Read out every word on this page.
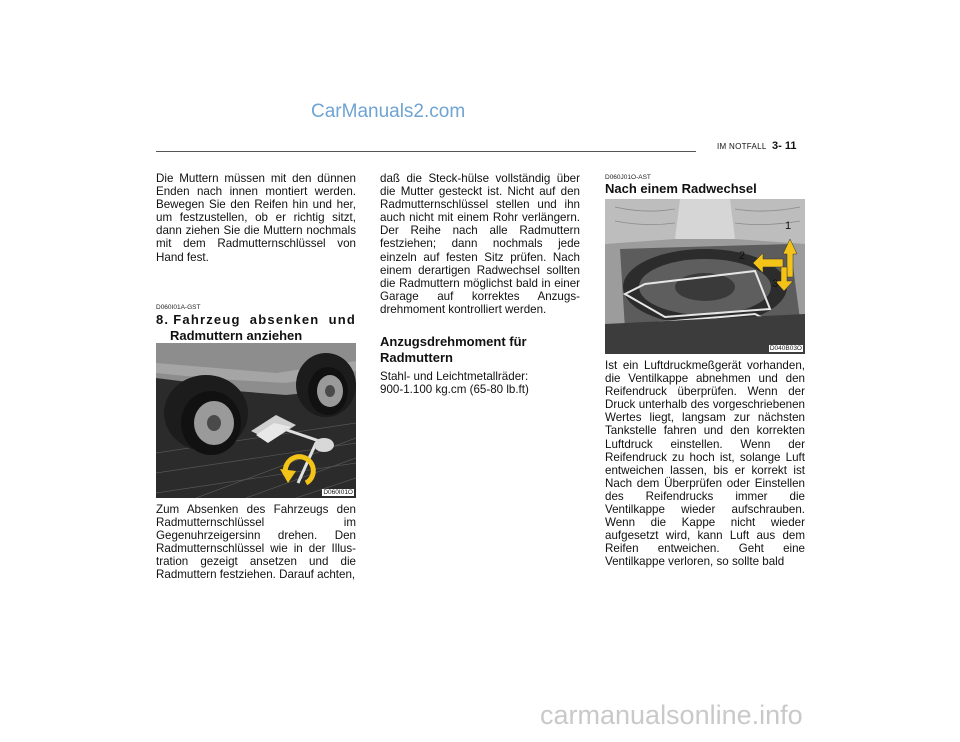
CarManuals2.com
IM NOTFALL 3- 11
Die Muttern müssen mit den dünnen Enden nach innen montiert werden. Bewegen Sie den Reifen hin und her, um festzustellen, ob er richtig sitzt, dann ziehen Sie die Muttern nochmals mit dem Radmutternschlüssel von Hand fest.
D060I01A-GST
8. Fahrzeug absenken und
Radmuttern anziehen
D060I01O
Zum Absenken des Fahrzeugs den Radmutternschlüssel im Gegenuhrzeigersinn drehen. Den Radmutternschlüssel wie in der Illus-tration gezeigt ansetzen und die Radmuttern festziehen. Darauf achten,
daß die Steck-hülse vollständig über die Mutter gesteckt ist. Nicht auf den Radmutternschlüssel stellen und ihn auch nicht mit einem Rohr verlängern. Der Reihe nach alle Radmuttern festziehen; dann nochmals jede einzeln auf festen Sitz prüfen. Nach einem derartigen Radwechsel sollten die Radmuttern möglichst bald in einer Garage auf korrektes Anzugs-drehmoment kontrolliert werden.
Anzugsdrehmoment für
Radmuttern
Stahl- und Leichtmetallräder:
900-1.100 kg.cm (65-80 lb.ft)
D060J01O-AST
Nach einem Radwechsel
1
2
3
D040B03O
Ist ein Luftdruckmeßgerät vorhanden, die Ventilkappe abnehmen und den Reifendruck überprüfen. Wenn der Druck unterhalb des vorgeschriebenen Wertes liegt, langsam zur nächsten Tankstelle fahren und den korrekten Luftdruck einstellen. Wenn der Reifendruck zu hoch ist, solange Luft entweichen lassen, bis er korrekt ist Nach dem Überprüfen oder Einstellen des Reifendrucks immer die Ventilkappe wieder aufschrauben. Wenn die Kappe nicht wieder aufgesetzt wird, kann Luft aus dem Reifen entweichen. Geht eine Ventilkappe verloren, so sollte bald
carmanualsonline.info
